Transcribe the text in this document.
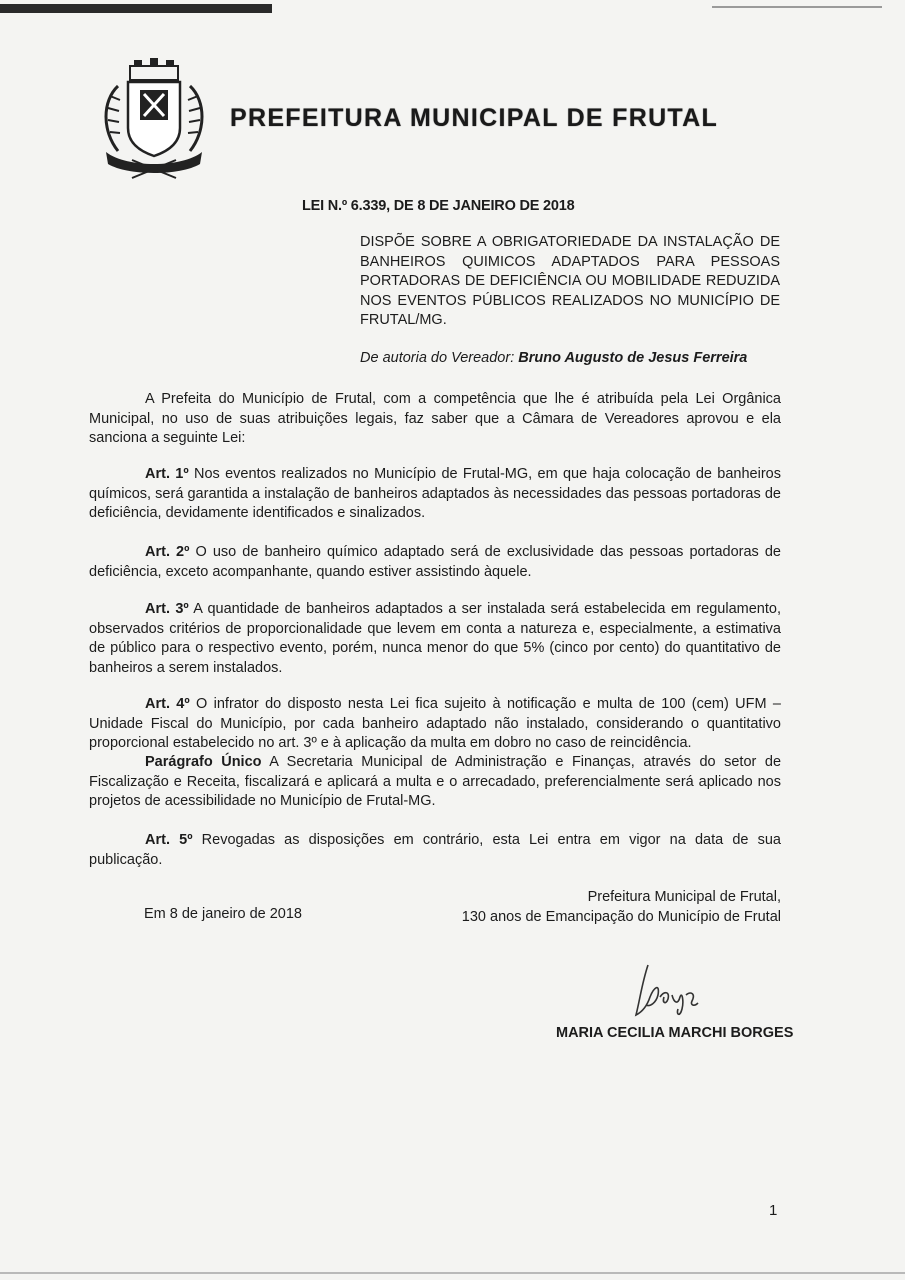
PREFEITURA MUNICIPAL DE FRUTAL
LEI N.º 6.339, DE 8 DE JANEIRO DE 2018
DISPÕE SOBRE A OBRIGATORIEDADE DA INSTALAÇÃO DE BANHEIROS QUIMICOS ADAPTADOS PARA PESSOAS PORTADORAS DE DEFICIÊNCIA OU MOBILIDADE REDUZIDA NOS EVENTOS PÚBLICOS REALIZADOS NO MUNICÍPIO DE FRUTAL/MG.
De autoria do Vereador: Bruno Augusto de Jesus Ferreira
A Prefeita do Município de Frutal, com a competência que lhe é atribuída pela Lei Orgânica Municipal, no uso de suas atribuições legais, faz saber que a Câmara de Vereadores aprovou e ela sanciona a seguinte Lei:
Art. 1º Nos eventos realizados no Município de Frutal-MG, em que haja colocação de banheiros químicos, será garantida a instalação de banheiros adaptados às necessidades das pessoas portadoras de deficiência, devidamente identificados e sinalizados.
Art. 2º O uso de banheiro químico adaptado será de exclusividade das pessoas portadoras de deficiência, exceto acompanhante, quando estiver assistindo àquele.
Art. 3º A quantidade de banheiros adaptados a ser instalada será estabelecida em regulamento, observados critérios de proporcionalidade que levem em conta a natureza e, especialmente, a estimativa de público para o respectivo evento, porém, nunca menor do que 5% (cinco por cento) do quantitativo de banheiros a serem instalados.
Art. 4º O infrator do disposto nesta Lei fica sujeito à notificação e multa de 100 (cem) UFM – Unidade Fiscal do Município, por cada banheiro adaptado não instalado, considerando o quantitativo proporcional estabelecido no art. 3º e à aplicação da multa em dobro no caso de reincidência.
Parágrafo Único A Secretaria Municipal de Administração e Finanças, através do setor de Fiscalização e Receita, fiscalizará e aplicará a multa e o arrecadado, preferencialmente será aplicado nos projetos de acessibilidade no Município de Frutal-MG.
Art. 5º Revogadas as disposições em contrário, esta Lei entra em vigor na data de sua publicação.
Em 8 de janeiro de 2018
Prefeitura Municipal de Frutal,
130 anos de Emancipação do Município de Frutal
MARIA CECILIA MARCHI BORGES
1
